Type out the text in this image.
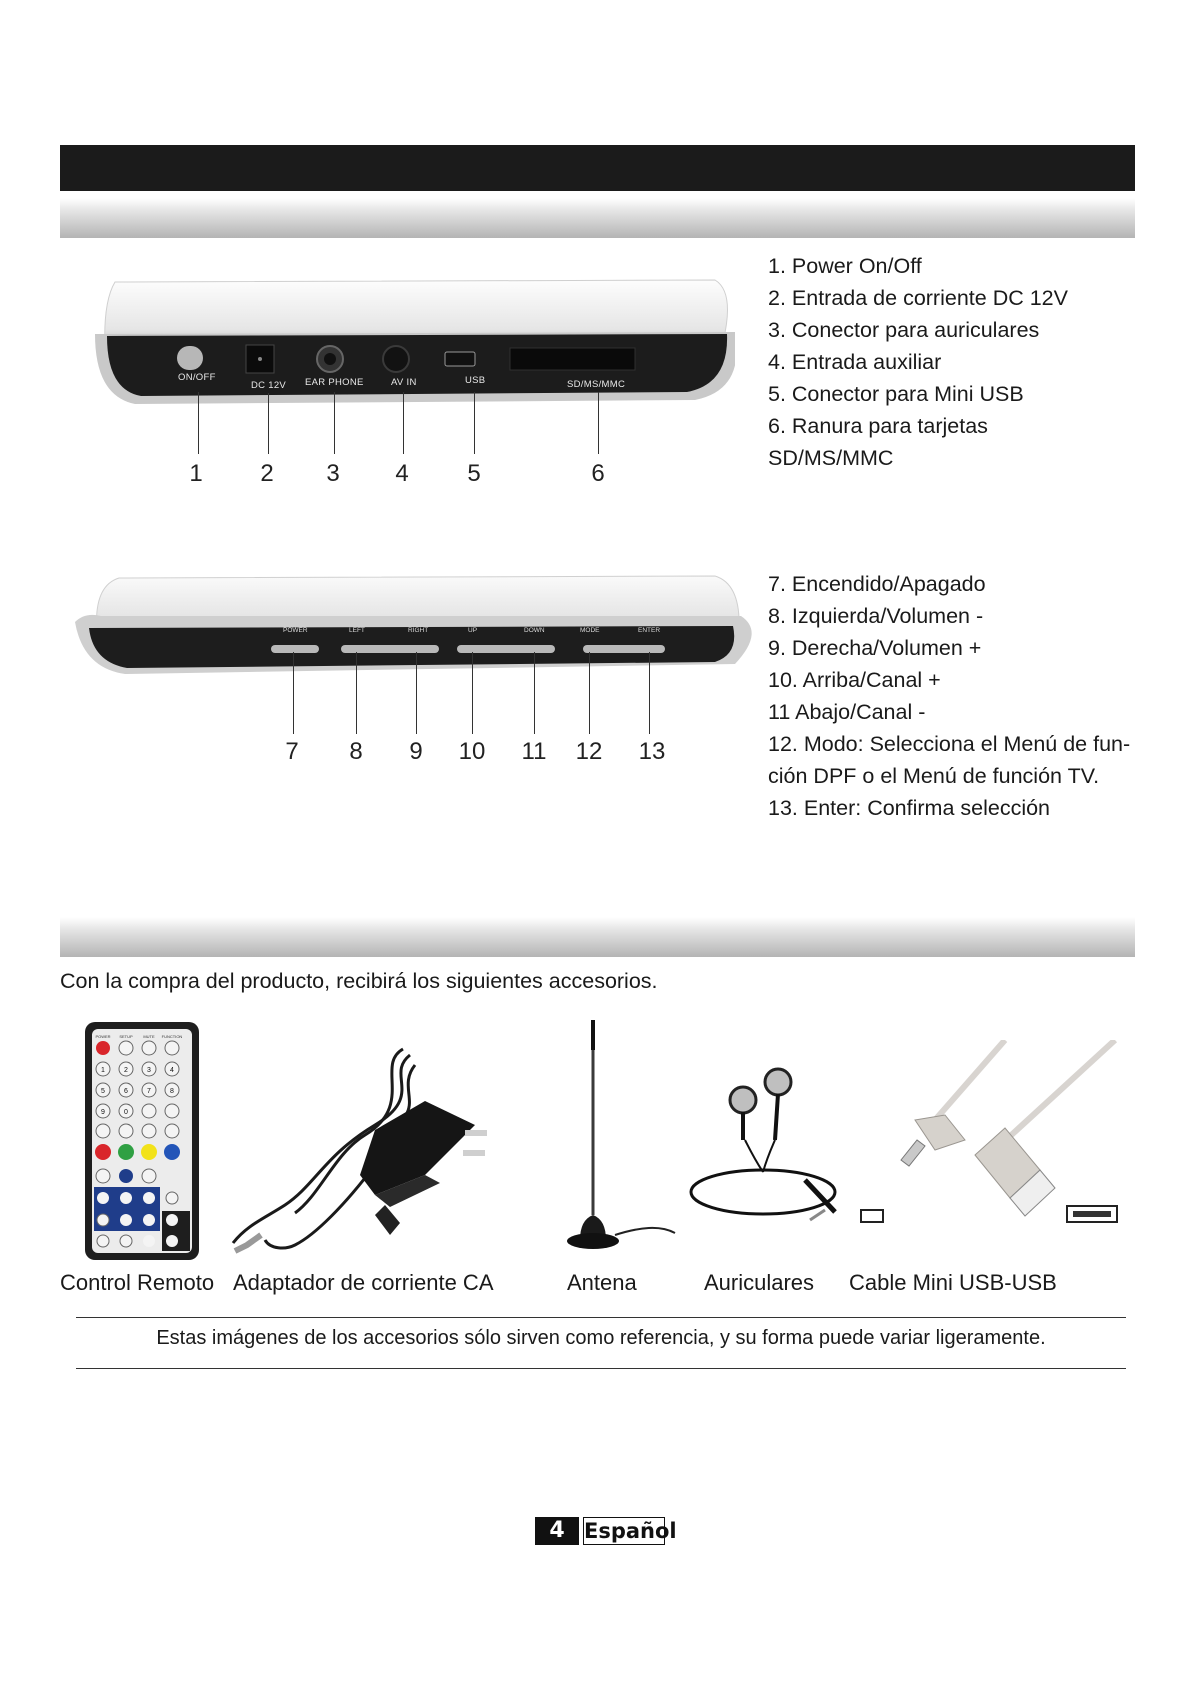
ON/OFF
DC 12V EAR PHONE	AV IN	USB	SD/MS/MMC
1	2	3	4	5	6
1. Power On/Off
2. Entrada de corriente DC 12V
3. Conector para auriculares
4. Entrada auxiliar
5. Conector para Mini USB
6. Ranura para tarjetas
SD/MS/MMC
POWER	LEFT	RIGHT	UP	DOWN	MODE	ENTER
7	8	9	10	11	12 13
7. Encendido/Apagado
8. Izquierda/Volumen -
9. Derecha/Volumen +
10. Arriba/Canal +
11 Abajo/Canal -
12. Modo: Selecciona el Menú de fun-
ción DPF o el Menú de función TV.
13. Enter: Confirma selección
Con la compra del producto, recibirá los siguientes accesorios.
POWER SETUP	MUTE FUNCTION
1	2	3	4
5	6	7	8
9	0
Control Remoto Adaptador de corriente CA	Antena	Auriculares Cable Mini USB-USB
Estas imágenes de los accesorios sólo sirven como referencia, y su forma puede variar ligeramente.
4 Español
